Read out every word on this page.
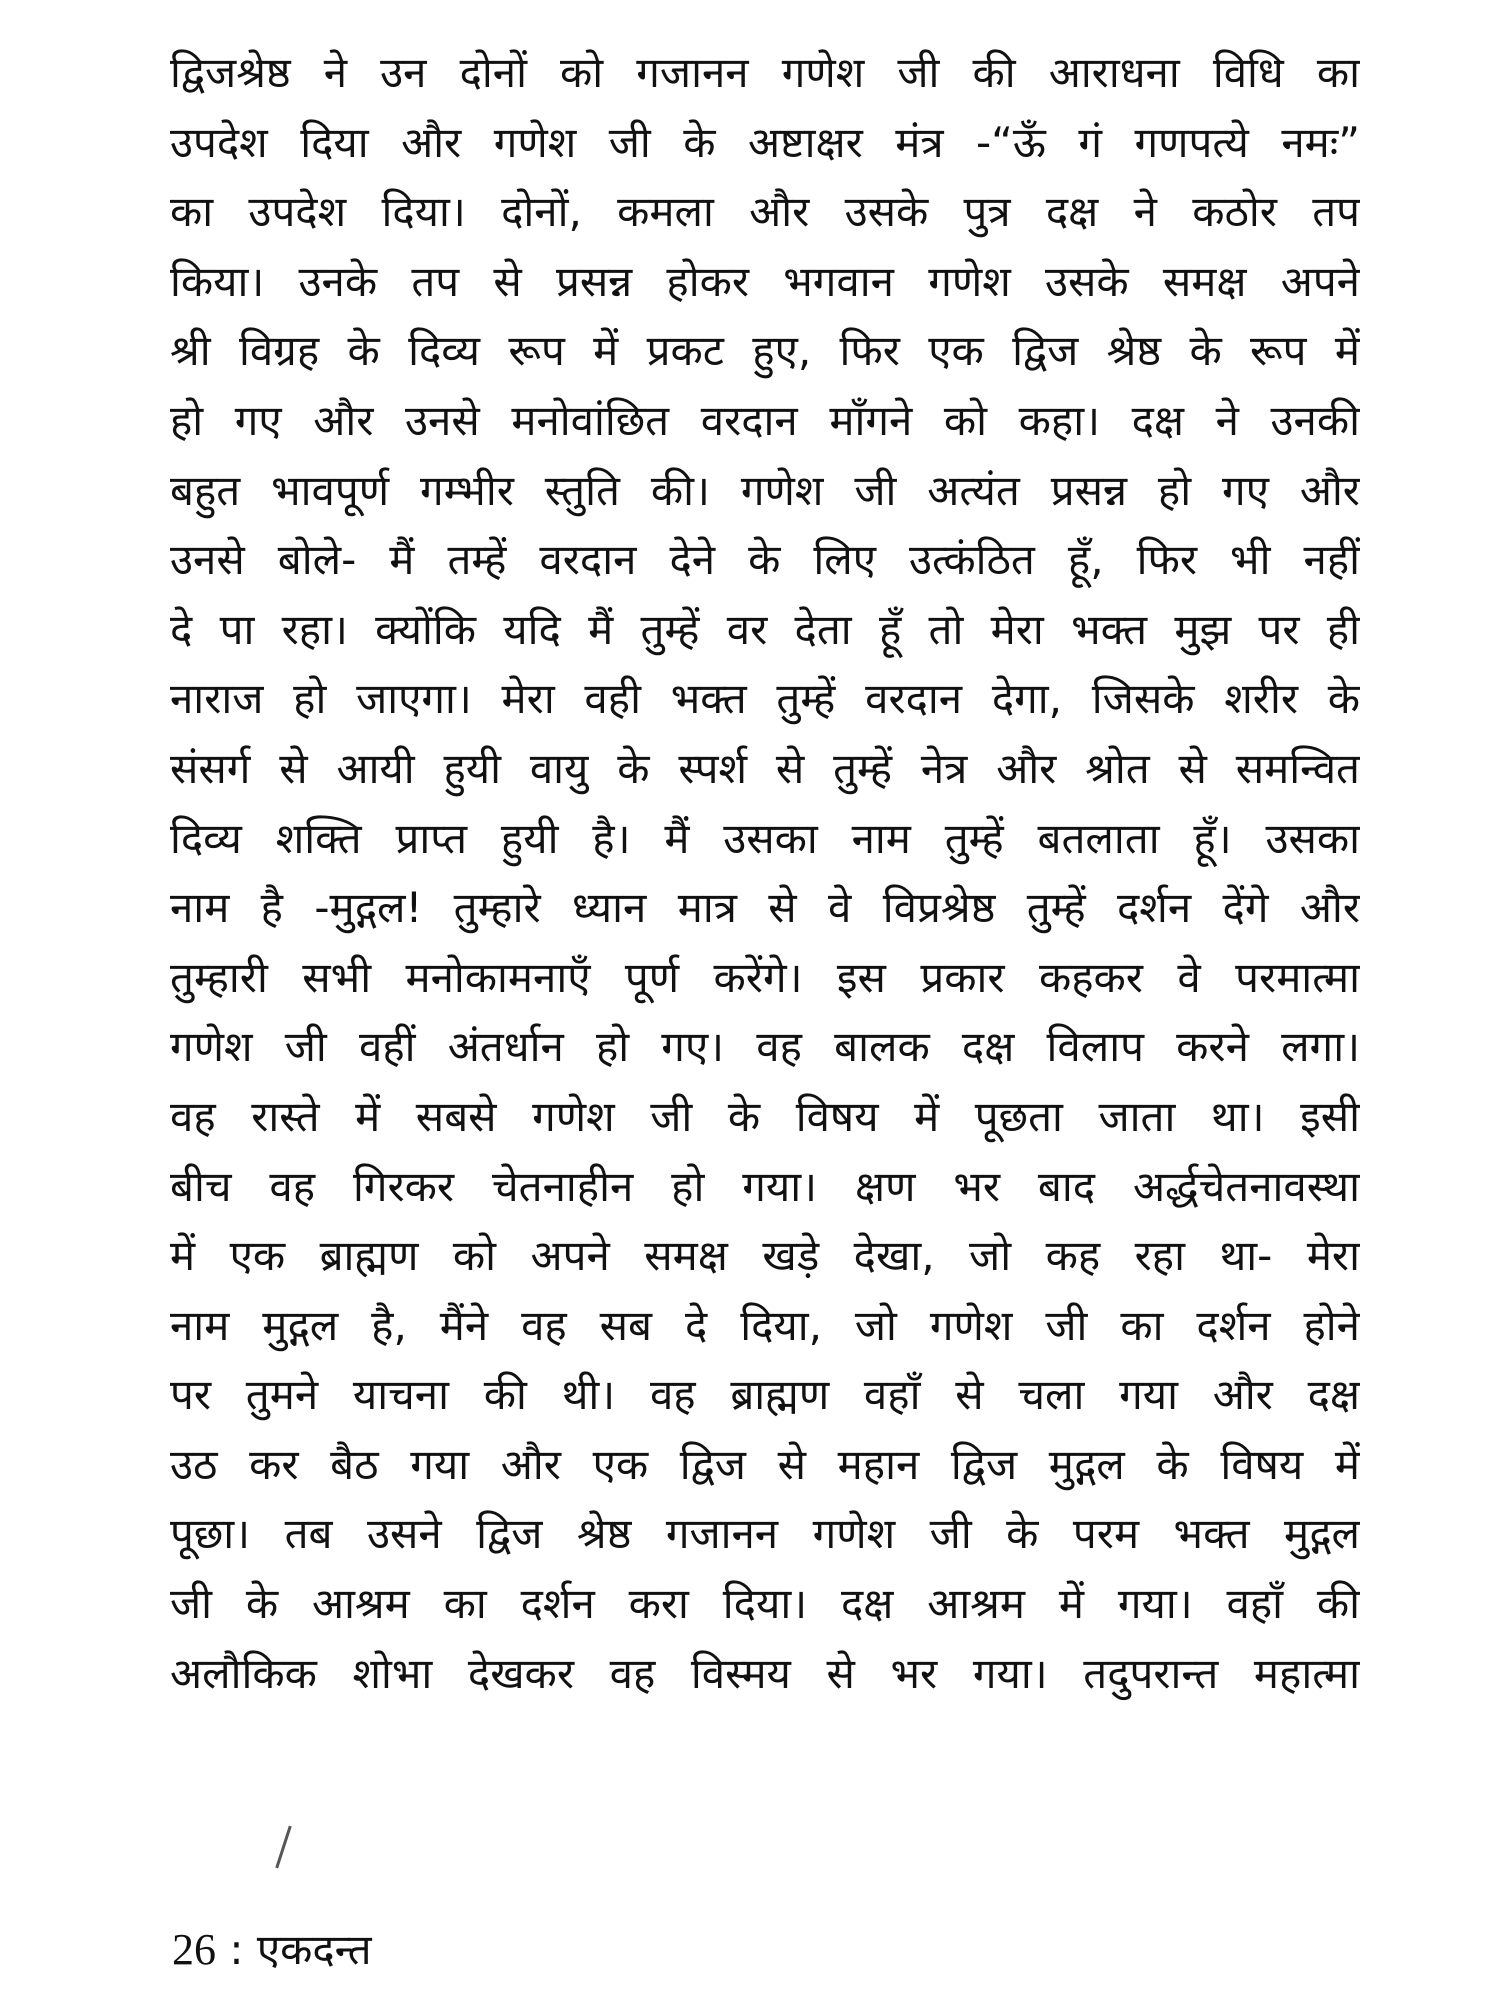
द्विजश्रेष्ठ ने उन दोनों को गजानन गणेश जी की आराधना विधि का
उपदेश दिया और गणेश जी के अष्टाक्षर मंत्र -“ऊँ गं गणपत्ये नमः”
का उपदेश दिया। दोनों, कमला और उसके पुत्र दक्ष ने कठोर तप
किया। उनके तप से प्रसन्न होकर भगवान गणेश उसके समक्ष अपने
श्री विग्रह के दिव्य रूप में प्रकट हुए, फिर एक द्विज श्रेष्ठ के रूप में
हो गए और उनसे मनोवांछित वरदान माँगने को कहा। दक्ष ने उनकी
बहुत भावपूर्ण गम्भीर स्तुति की। गणेश जी अत्यंत प्रसन्न हो गए और
उनसे बोले- मैं तम्हें वरदान देने के लिए उत्कंठित हूँ, फिर भी नहीं
दे पा रहा। क्योंकि यदि मैं तुम्हें वर देता हूँ तो मेरा भक्त मुझ पर ही
नाराज हो जाएगा। मेरा वही भक्त तुम्हें वरदान देगा, जिसके शरीर के
संसर्ग से आयी हुयी वायु के स्पर्श से तुम्हें नेत्र और श्रोत से समन्वित
दिव्य शक्ति प्राप्त हुयी है। मैं उसका नाम तुम्हें बतलाता हूँ। उसका
नाम है -मुद्गल! तुम्हारे ध्यान मात्र से वे विप्रश्रेष्ठ तुम्हें दर्शन देंगे और
तुम्हारी सभी मनोकामनाएँ पूर्ण करेंगे। इस प्रकार कहकर वे परमात्मा
गणेश जी वहीं अंतर्धान हो गए। वह बालक दक्ष विलाप करने लगा।
वह रास्ते में सबसे गणेश जी के विषय में पूछता जाता था। इसी
बीच वह गिरकर चेतनाहीन हो गया। क्षण भर बाद अर्द्धचेतनावस्था
में एक ब्राह्मण को अपने समक्ष खड़े देखा, जो कह रहा था- मेरा
नाम मुद्गल है, मैंने वह सब दे दिया, जो गणेश जी का दर्शन होने
पर तुमने याचना की थी। वह ब्राह्मण वहाँ से चला गया और दक्ष
उठ कर बैठ गया और एक द्विज से महान द्विज मुद्गल के विषय में
पूछा। तब उसने द्विज श्रेष्ठ गजानन गणेश जी के परम भक्त मुद्गल
जी के आश्रम का दर्शन करा दिया। दक्ष आश्रम में गया। वहाँ की
अलौकिक शोभा देखकर वह विस्मय से भर गया। तदुपरान्त महात्मा
26 : एकदन्त
